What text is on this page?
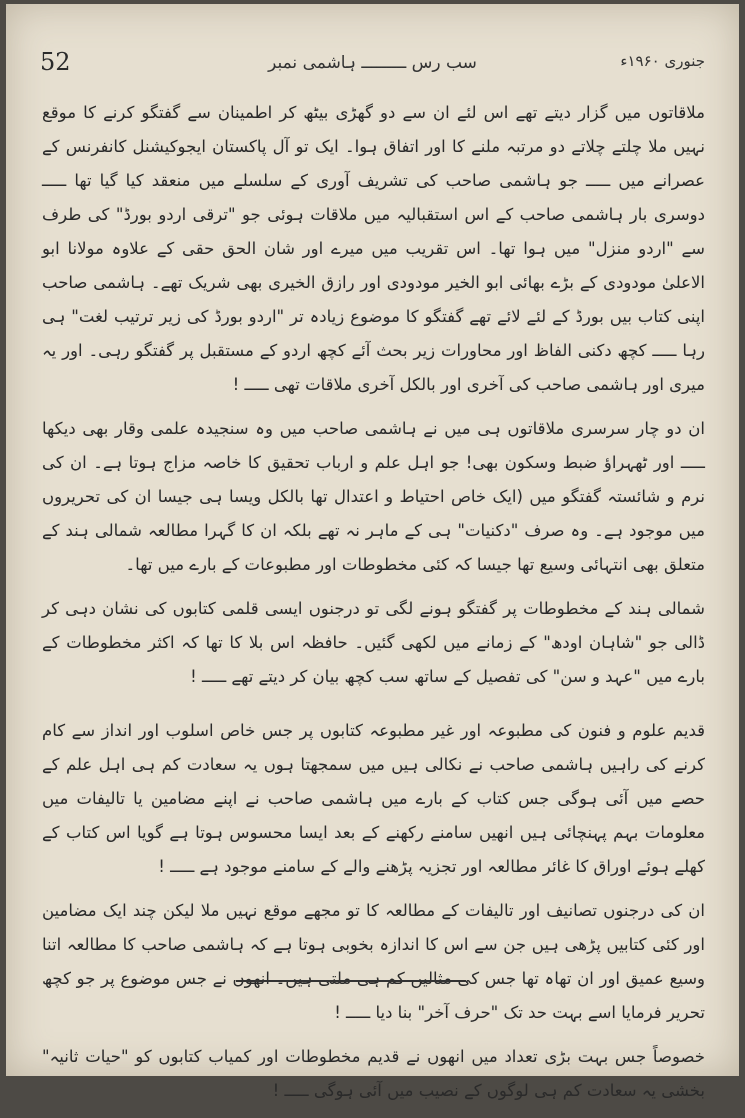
52	سب رس ـــــــــ ہاشمی نمبر	جنوری ۱۹۶۰ء

ملاقاتوں میں گزار دیتے تھے اس لئے ان سے دو گھڑی بیٹھ کر اطمینان سے گفتگو کرنے کا موقع نہیں ملا چلتے چلاتے دو مرتبہ ملنے کا اور اتفاق ہوا۔ ایک تو آل پاکستان ایجوکیشنل کانفرنس کے عصرانے میں ـــــ جو ہاشمی صاحب کی تشریف آوری کے سلسلے میں منعقد کیا گیا تھا ـــــ دوسری بار ہاشمی صاحب کے اس استقبالیہ میں ملاقات ہوئی جو "ترقی اردو بورڈ" کی طرف سے "اردو منزل" میں ہوا تھا۔ اس تقریب میں میرے اور شان الحق حقی کے علاوہ مولانا ابو الاعلیٰ مودودی کے بڑے بھائی ابو الخیر مودودی اور رازق الخیری بھی شریک تھے۔ ہاشمی صاحب اپنی کتاب بیں بورڈ کے لئے لائے تھے گفتگو کا موضوع زیادہ تر "اردو بورڈ کی زیر ترتیب لغت" ہی رہا ـــــ کچھ دکنی الفاظ اور محاورات زیر بحث آئے کچھ اردو کے مستقبل پر گفتگو رہی۔ اور یہ میری اور ہاشمی صاحب کی آخری اور بالکل آخری ملاقات تھی ـــــ !

ان دو چار سرسری ملاقاتوں ہی میں نے ہاشمی صاحب میں وہ سنجیدہ علمی وقار بھی دیکھا ـــــ اور ٹھہراؤ ضبط وسکون بھی! جو اہل علم و ارباب تحقیق کا خاصہ مزاج ہوتا ہے۔ ان کی نرم و شائستہ گفتگو میں (ایک خاص احتیاط و اعتدال تھا بالکل ویسا ہی جیسا ان کی تحریروں میں موجود ہے۔ وہ صرف "دکنیات" ہی کے ماہر نہ تھے بلکہ ان کا گہرا مطالعہ شمالی ہند کے متعلق بھی انتہائی وسیع تھا جیسا کہ کئی مخطوطات اور مطبوعات کے بارے میں تھا۔

شمالی ہند کے مخطوطات پر گفتگو ہونے لگی تو درجنوں ایسی قلمی کتابوں کی نشان دہی کر ڈالی جو "شاہان اودھ" کے زمانے میں لکھی گئیں۔ حافظہ اس بلا کا تھا کہ اکثر مخطوطات کے بارے میں "عہد و سن" کی تفصیل کے ساتھ سب کچھ بیان کر دیتے تھے ـــــ !

قدیم علوم و فنون کی مطبوعہ اور غیر مطبوعہ کتابوں پر جس خاص اسلوب اور انداز سے کام کرنے کی راہیں ہاشمی صاحب نے نکالی ہیں میں سمجھتا ہوں یہ سعادت کم ہی اہل علم کے حصے میں آئی ہوگی جس کتاب کے بارے میں ہاشمی صاحب نے اپنے مضامین یا تالیفات میں معلومات بہم پہنچائی ہیں انھیں سامنے رکھنے کے بعد ایسا محسوس ہوتا ہے گویا اس کتاب کے کھلے ہوئے اوراق کا غائر مطالعہ اور تجزیہ پڑھنے والے کے سامنے موجود ہے ـــــ !

ان کی درجنوں تصانیف اور تالیفات کے مطالعہ کا تو مجھے موقع نہیں ملا لیکن چند ایک مضامین اور کئی کتابیں پڑھی ہیں جن سے اس کا اندازہ بخوبی ہوتا ہے کہ ہاشمی صاحب کا مطالعہ اتنا وسیع عمیق اور ان تھاہ تھا جس کی مثالیں کم ہی ملتی ہیں۔ انھوں نے جس موضوع پر جو کچھ تحریر فرمایا اسے بہت حد تک "حرف آخر" بنا دیا ـــــ !

خصوصاً جس بہت بڑی تعداد میں انھوں نے قدیم مخطوطات اور کمیاب کتابوں کو "حیات ثانیہ" بخشی یہ سعادت کم ہی لوگوں کے نصیب میں آئی ہوگی ـــــ !
